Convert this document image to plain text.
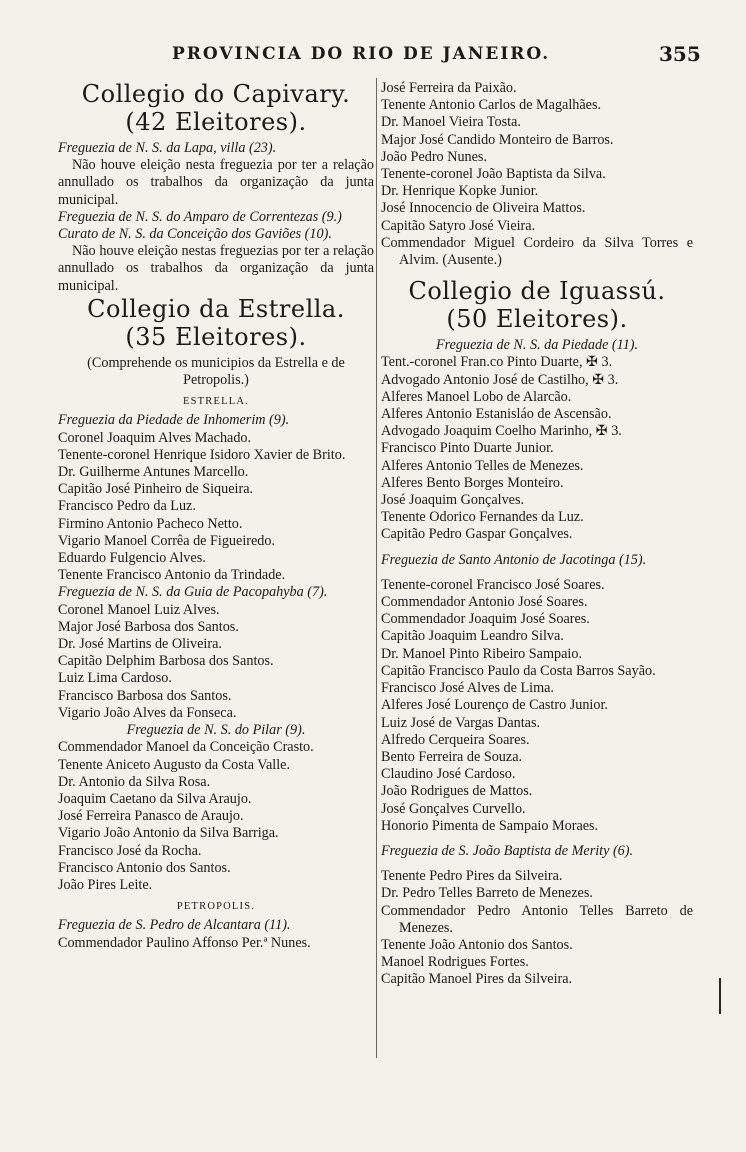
PROVINCIA DO RIO DE JANEIRO.	355
Collegio do Capivary.
(42 Eleitores).
Freguezia de N. S. da Lapa, villa (23).
Não houve eleição nesta freguezia por ter a relação annullado os trabalhos da organização da junta municipal.
Freguezia de N. S. do Amparo de Correntezas (9.)
Curato de N. S. da Conceição dos Gaviões (10).
Não houve eleição nestas freguezias por ter a relação annullado os trabalhos da organização da junta municipal.
Collegio da Estrella.
(35 Eleitores).
(Comprehende os municipios da Estrella e de Petropolis.)
ESTRELLA.
Freguezia da Piedade de Inhomerim (9).
Coronel Joaquim Alves Machado.
Tenente-coronel Henrique Isidoro Xavier de Brito.
Dr. Guilherme Antunes Marcello.
Capitão José Pinheiro de Siqueira.
Francisco Pedro da Luz.
Firmino Antonio Pacheco Netto.
Vigario Manoel Corrêa de Figueiredo.
Eduardo Fulgencio Alves.
Tenente Francisco Antonio da Trindade.
Freguezia de N. S. da Guia de Pacopahyba (7).
Coronel Manoel Luiz Alves.
Major José Barbosa dos Santos.
Dr. José Martins de Oliveira.
Capitão Delphim Barbosa dos Santos.
Luiz Lima Cardoso.
Francisco Barbosa dos Santos.
Vigario João Alves da Fonseca.
Freguezia de N. S. do Pilar (9).
Commendador Manoel da Conceição Crasto.
Tenente Aniceto Augusto da Costa Valle.
Dr. Antonio da Silva Rosa.
Joaquim Caetano da Silva Araujo.
José Ferreira Panasco de Araujo.
Vigario João Antonio da Silva Barriga.
Francisco José da Rocha.
Francisco Antonio dos Santos.
João Pires Leite.
PETROPOLIS.
Freguezia de S. Pedro de Alcantara (11).
Commendador Paulino Affonso Per.ª Nunes.
José Ferreira da Paixão.
Tenente Antonio Carlos de Magalhães.
Dr. Manoel Vieira Tosta.
Major José Candido Monteiro de Barros.
João Pedro Nunes.
Tenente-coronel João Baptista da Silva.
Dr. Henrique Kopke Junior.
José Innocencio de Oliveira Mattos.
Capitão Satyro José Vieira.
Commendador Miguel Cordeiro da Silva Torres e Alvim. (Ausente.)
Collegio de Iguassú.
(50 Eleitores).
Freguezia de N. S. da Piedade (11).
Tent.-coronel Fran.co Pinto Duarte, ✠ 3.
Advogado Antonio José de Castilho, ✠ 3.
Alferes Manoel Lobo de Alarcão.
Alferes Antonio Estanisláo de Ascensão.
Advogado Joaquim Coelho Marinho, ✠ 3.
Francisco Pinto Duarte Junior.
Alferes Antonio Telles de Menezes.
Alferes Bento Borges Monteiro.
José Joaquim Gonçalves.
Tenente Odorico Fernandes da Luz.
Capitão Pedro Gaspar Gonçalves.
Freguezia de Santo Antonio de Jacotinga (15).
Tenente-coronel Francisco José Soares.
Commendador Antonio José Soares.
Commendador Joaquim José Soares.
Capitão Joaquim Leandro Silva.
Dr. Manoel Pinto Ribeiro Sampaio.
Capitão Francisco Paulo da Costa Barros Sayão.
Francisco José Alves de Lima.
Alferes José Lourenço de Castro Junior.
Luiz José de Vargas Dantas.
Alfredo Cerqueira Soares.
Bento Ferreira de Souza.
Claudino José Cardoso.
João Rodrigues de Mattos.
José Gonçalves Curvello.
Honorio Pimenta de Sampaio Moraes.
Freguezia de S. João Baptista de Merity (6).
Tenente Pedro Pires da Silveira.
Dr. Pedro Telles Barreto de Menezes.
Commendador Pedro Antonio Telles Barreto de Menezes.
Tenente João Antonio dos Santos.
Manoel Rodrigues Fortes.
Capitão Manoel Pires da Silveira.
